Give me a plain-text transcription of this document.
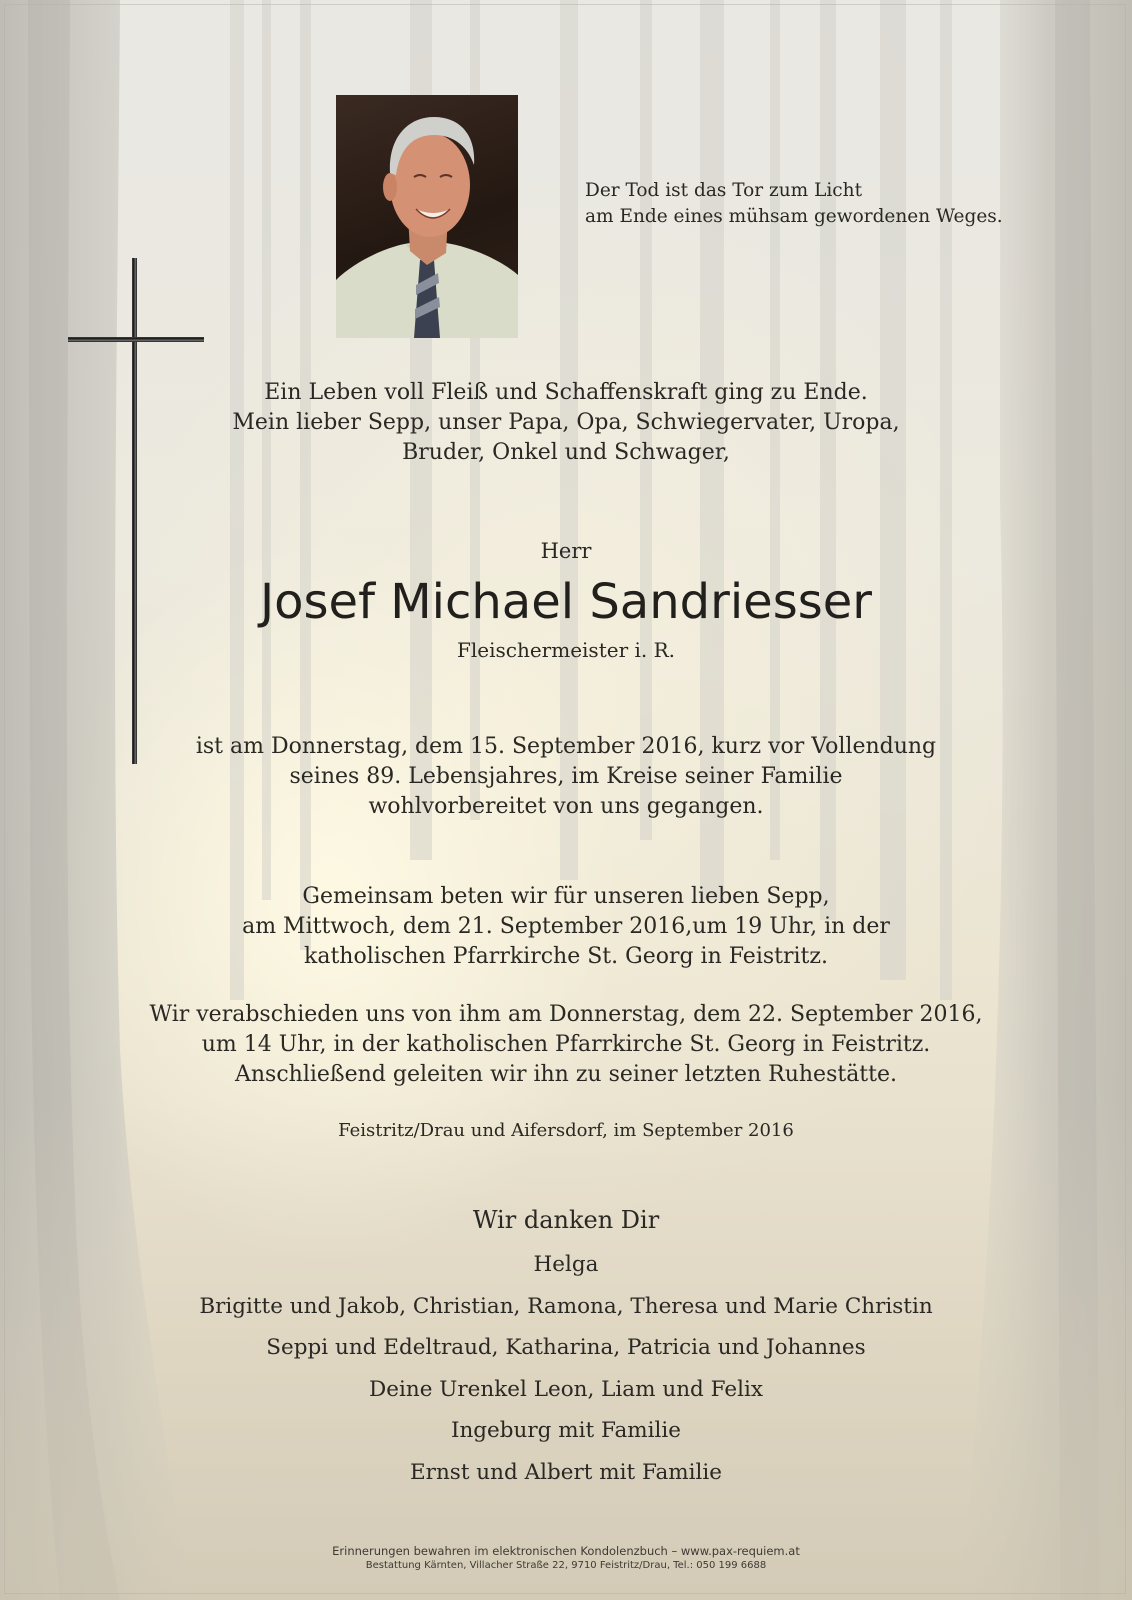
Der Tod ist das Tor zum Licht
am Ende eines mühsam gewordenen Weges.
Ein Leben voll Fleiß und Schaffenskraft ging zu Ende.
Mein lieber Sepp, unser Papa, Opa, Schwiegervater, Uropa,
Bruder, Onkel und Schwager,
Herr
Josef Michael Sandriesser
Fleischermeister i. R.
ist am Donnerstag, dem 15. September 2016, kurz vor Vollendung
seines 89. Lebensjahres, im Kreise seiner Familie
wohlvorbereitet von uns gegangen.
Gemeinsam beten wir für unseren lieben Sepp,
am Mittwoch, dem 21. September 2016,um 19 Uhr, in der
katholischen Pfarrkirche St. Georg in Feistritz.
Wir verabschieden uns von ihm am Donnerstag, dem 22. September 2016,
um 14 Uhr, in der katholischen Pfarrkirche St. Georg in Feistritz.
Anschließend geleiten wir ihn zu seiner letzten Ruhestätte.
Feistritz/Drau und Aifersdorf, im September 2016
Wir danken Dir
Helga
Brigitte und Jakob, Christian, Ramona, Theresa und Marie Christin
Seppi und Edeltraud, Katharina, Patricia und Johannes
Deine Urenkel Leon, Liam und Felix
Ingeburg mit Familie
Ernst und Albert mit Familie
Erinnerungen bewahren im elektronischen Kondolenzbuch – www.pax-requiem.at
Bestattung Kärnten, Villacher Straße 22, 9710 Feistritz/Drau, Tel.: 050 199 6688
